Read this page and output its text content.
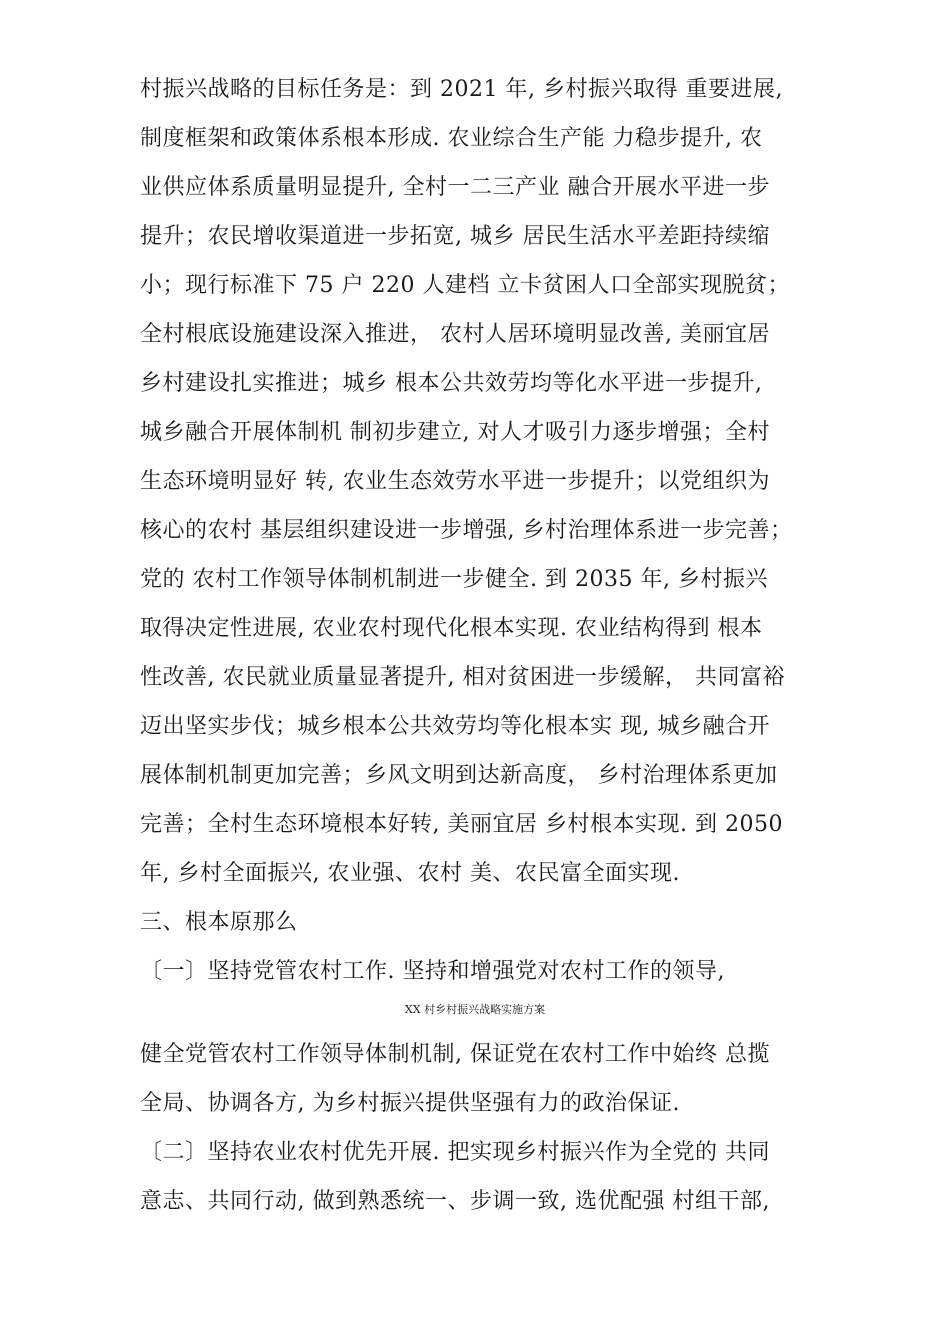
村振兴战略的目标任务是：到 2021 年, 乡村振兴取得 重要进展,
制度框架和政策体系根本形成. 农业综合生产能 力稳步提升, 农
业供应体系质量明显提升, 全村一二三产业 融合开展水平进一步
提升；农民增收渠道进一步拓宽, 城乡 居民生活水平差距持续缩
小；现行标准下 75 户 220 人建档 立卡贫困人口全部实现脱贫；
全村根底设施建设深入推进， 农村人居环境明显改善, 美丽宜居
乡村建设扎实推进；城乡 根本公共效劳均等化水平进一步提升,
城乡融合开展体制机 制初步建立, 对人才吸引力逐步增强；全村
生态环境明显好 转, 农业生态效劳水平进一步提升；以党组织为
核心的农村 基层组织建设进一步增强, 乡村治理体系进一步完善；
党的 农村工作领导体制机制进一步健全. 到 2035 年, 乡村振兴
取得决定性进展, 农业农村现代化根本实现. 农业结构得到 根本
性改善, 农民就业质量显著提升, 相对贫困进一步缓解， 共同富裕
迈出坚实步伐；城乡根本公共效劳均等化根本实 现, 城乡融合开
展体制机制更加完善；乡风文明到达新高度， 乡村治理体系更加
完善；全村生态环境根本好转, 美丽宜居 乡村根本实现. 到 2050
年, 乡村全面振兴, 农业强、农村 美、农民富全面实现.
三、根本原那么
〔一〕坚持党管农村工作. 坚持和增强党对农村工作的领导,
XX 村乡村振兴战略实施方案
健全党管农村工作领导体制机制, 保证党在农村工作中始终 总揽
全局、协调各方, 为乡村振兴提供坚强有力的政治保证.
〔二〕坚持农业农村优先开展. 把实现乡村振兴作为全党的 共同
意志、共同行动, 做到熟悉统一、步调一致, 选优配强 村组干部,
